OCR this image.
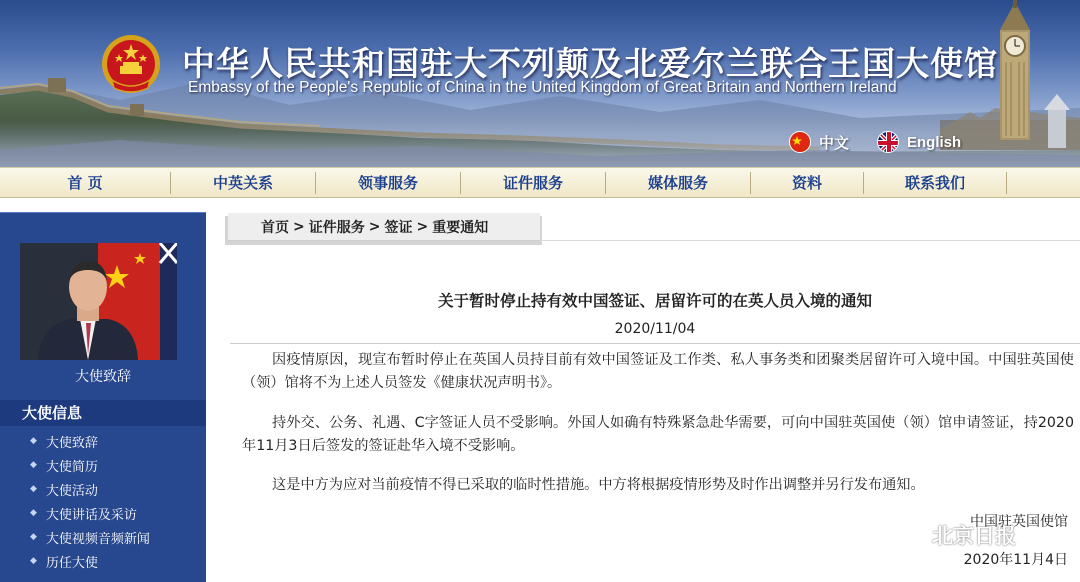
中华人民共和国驻大不列颠及北爱尔兰联合王国大使馆
Embassy of the People's Republic of China in the United Kingdom of Great Britain and Northern Ireland
中文	English
首 页	中英关系	领事服务	证件服务	媒体服务	资料	联系我们
大使致辞
大使信息
◆ 大使致辞
◆ 大使简历
◆ 大使活动
◆ 大使讲话及采访
◆ 大使视频音频新闻
◆ 历任大使
首页 > 证件服务 > 签证 > 重要通知
关于暂时停止持有效中国签证、居留许可的在英人员入境的通知
2020/11/04

因疫情原因，现宣布暂时停止在英国人员持目前有效中国签证及工作类、私人事务类和团聚类居留许可入境中国。中国驻英国使（领）馆将不为上述人员签发《健康状况声明书》。

持外交、公务、礼遇、C字签证人员不受影响。外国人如确有特殊紧急赴华需要，可向中国驻英国使（领）馆申请签证，持2020年11月3日后签发的签证赴华入境不受影响。

这是中方为应对当前疫情不得已采取的临时性措施。中方将根据疫情形势及时作出调整并另行发布通知。

中国驻英国使馆
2020年11月4日
北京日报
